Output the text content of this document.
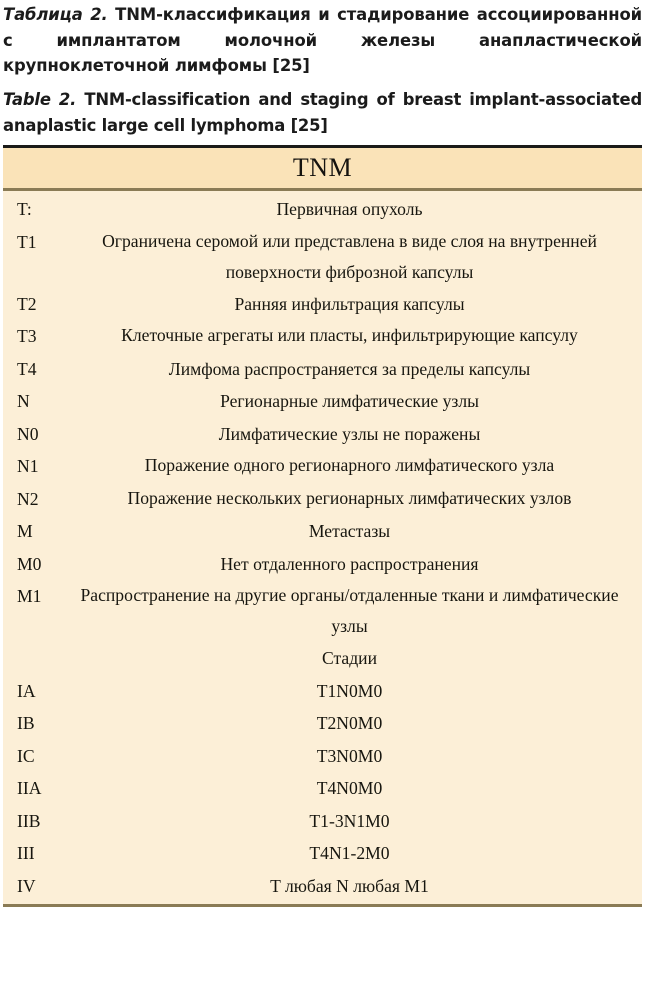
Таблица 2. TNM-классификация и стадирование ассоциированной с имплантатом молочной железы анапластической крупноклеточной лимфомы [25]
Table 2. TNM-classification and staging of breast implant-associated anaplastic large cell lymphoma [25]
TNM
T:	Первичная опухоль
T1	Ограничена серомой или представлена в виде слоя на внутренней поверхности фиброзной капсулы
T2	Ранняя инфильтрация капсулы
T3	Клеточные агрегаты или пласты, инфильтрирующие капсулу
T4	Лимфома распространяется за пределы капсулы
N	Регионарные лимфатические узлы
N0	Лимфатические узлы не поражены
N1	Поражение одного регионарного лимфатического узла
N2	Поражение нескольких регионарных лимфатических узлов
M	Метастазы
M0	Нет отдаленного распространения
M1	Распространение на другие органы/отдаленные ткани и лимфатические узлы
Стадии
IA	T1N0M0
IB	T2N0M0
IC	T3N0M0
IIA	T4N0M0
IIB	T1-3N1M0
III	T4N1-2M0
IV	T любая N любая M1
